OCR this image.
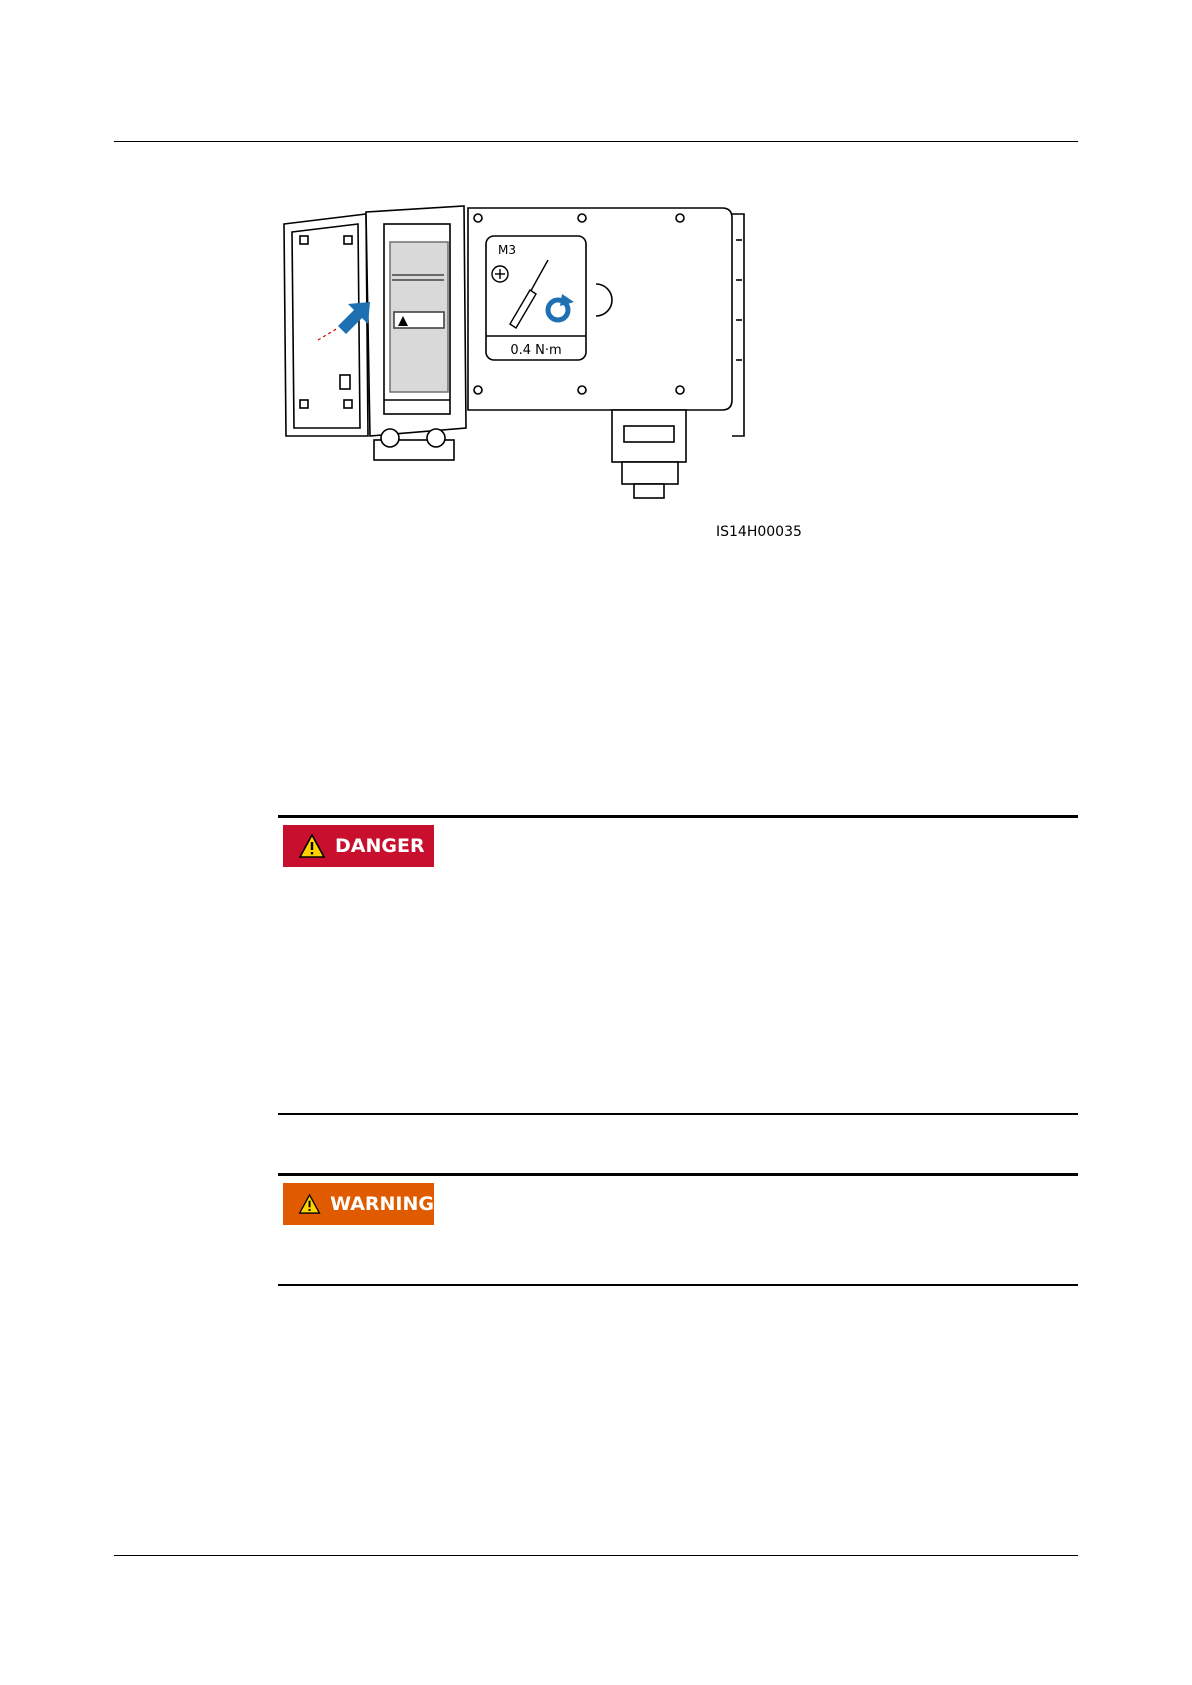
M3
0.4 N·m
IS14H00035
DANGER
WARNING
